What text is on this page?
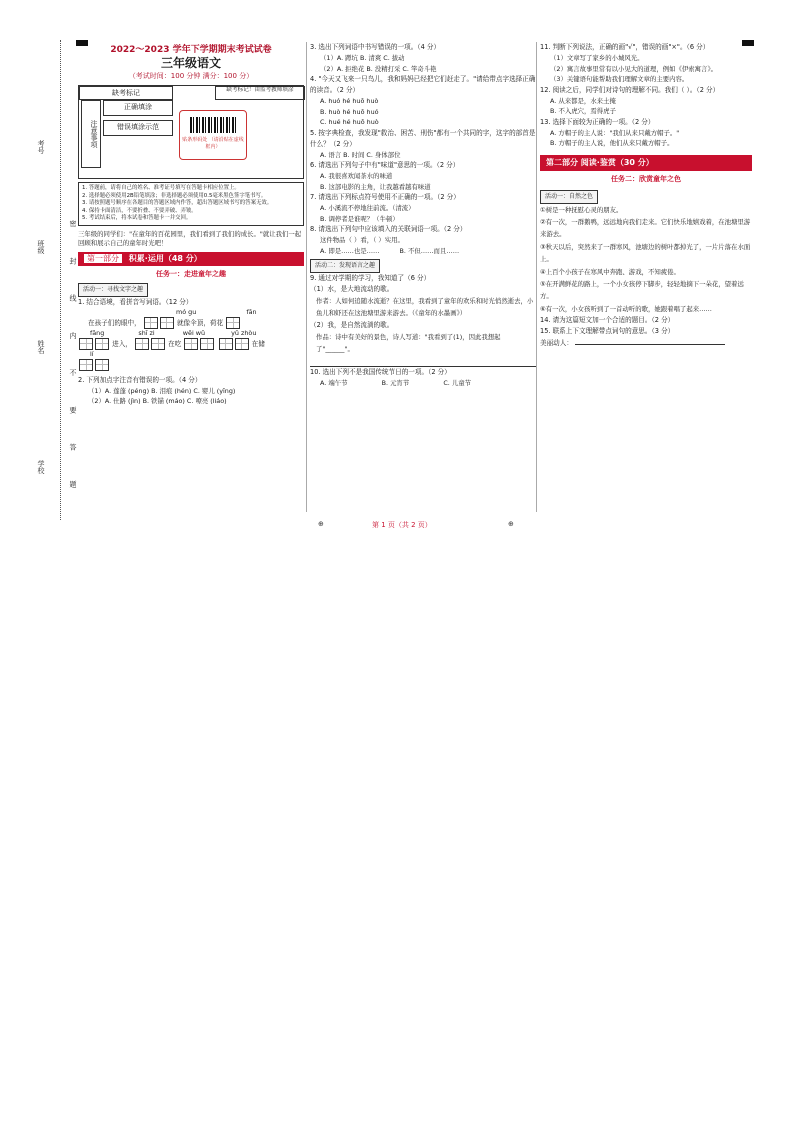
考号
班级
姓名
学校	密 封 线 内 不 要 答 题
2022～2023 学年下学期期末考试试卷
三年级语文
（考试时间：100 分钟 满分：100 分）
缺考标记	缺考标记！由监考教师填涂
正确填涂
错误填涂示范
注意事项	贴条形码处 （请沿贴在虚线框内）
1. 答题前，请将自己的姓名、准考证号填写在答题卡相应位置上。
2. 选择题必须使用2B铅笔填涂；非选择题必须使用0.5毫米黑色签字笔书写。
3. 请按照题号顺序在各题目的答题区域内作答，超出答题区域书写的答案无效。
4. 保持卡面清洁，不要折叠、不要弄破、弄皱。
5. 考试结束后，将本试卷和答题卡一并交回。
三年级的同学们："在童年的百花园里，我们看到了我们的成长。"就让我们一起回顾和展示自己的童年时光吧！
第一部分 积累·运用（48 分）
任务一：走进童年之趣
活动一：寻找文字之趣
1. 结合语境，看拼音写词语。（12 分）
mó gu	fān
在孩子们的眼中，	就像伞顶，荷花
fāng	shī zi	wěi wǔ	yǔ zhòu
进入，	在吃	在储
lí
2. 下列加点字注音有错误的一项。（4 分）
（1）A. 莲蓬 (péng) B. 泪痕 (hén) C. 婴儿 (yīng)
（2）A. 仕路 (jìn) B. 铁锚 (máo) C. 嘹亮 (liáo)
3. 选出下列词语中书写错误的一项。（4 分）
（1）A. 蹲坑 B. 清爽 C. 拔动
（2）A. 拒绝花 B. 没精打采 C. 竿奇斗艳
4. "今天又飞来一只鸟儿，我和妈妈已经把它们赶走了。"请给带点字选择正确的读音。（2 分）
A. huó hé huō huò
B. huò hé huō huó
C. hué hé huō huò
5. 按字典检查，我发现"救治、困苦、刑伤"都有一个共同的字，这字的部首是什么？（2 分）
A. 语言 B. 时间 C. 身体部位
6. 请选出下列句子中有"味道"意思的一项。（2 分）
A. 我很喜欢闻茶水的味道
B. 这部电影的主角，让我越看越有味道
7. 请选出下列标点符号使用不正确的一项。（2 分）
A. 小溪流不停地往前流。（清流）
B. 调停者是谁呢？（牛顿）
8. 请选出下列句中应该填入的关联词语一项。（2 分）
这件物品（ ）看，（ ）实用。
A. 即是……也是……	B. 不但……而且……
活动二：发现语言之趣
9. 通过对学期的学习，我知道了（6 分）
（1）水，是大地流动的歌。
作者：人如何追随水流逝？在这里，我看到了童年的欢乐和时光悄然逝去，小鱼儿和虾还在这池塘里游来游去。（《童年的水墨画》）
（2）我，是自然流淌的歌。
作品：诗中有美好的景色，诗人写道："我看到了(1)，因此我想起了"______"。
10. 选出下列不是我国传统节日的一项。（2 分）
A. 端午节	B. 元宵节	C. 儿童节
11. 判断下列说法，正确的画"√"，错误的画"×"。（6 分）
（1）文章写了家乡的小城风光。
（2）寓言故事里常有以小见大的道理，例如《伊索寓言》。
（3）关键语句能帮助我们理解文章的主要内容。
12. 阅读之后，同学们对诗句的理解不同。我们（ ）。（2 分）
A. 从来都是，水来土掩
B. 不入虎穴，焉得虎子
13. 选择下面较为正确的一项。（2 分）
A. 方帽子的主人说："我们从来只戴方帽子。"
B. 方帽子的主人说，他们从来只戴方帽子。
第二部分 阅读·鉴赏（30 分）
任务二：欣赏童年之色
活动一：自然之色
①树是一种抚慰心灵的朋友。
②有一次，一群鹅鸭，远远地向我们走来。它们快乐地嬉戏着，在池塘里游来游去。
③秋天以后，突然来了一群寒风，池塘边的树叶都掉光了，一片片落在水面上。
④上百个小孩子在寒风中奔跑、游戏，不知疲倦。
⑤在开满鲜花的路上，一个小女孩停下脚步，轻轻地摘下一朵花，望着远方。
⑥有一次，小女孩听到了一首动听的歌，她跟着唱了起来……
14. 请为这篇短文加一个合适的题目。（2 分）
15. 联系上下文理解带点词句的意思。（3 分）
美丽动人：
第 1 页（共 2 页）
⊕	⊕
